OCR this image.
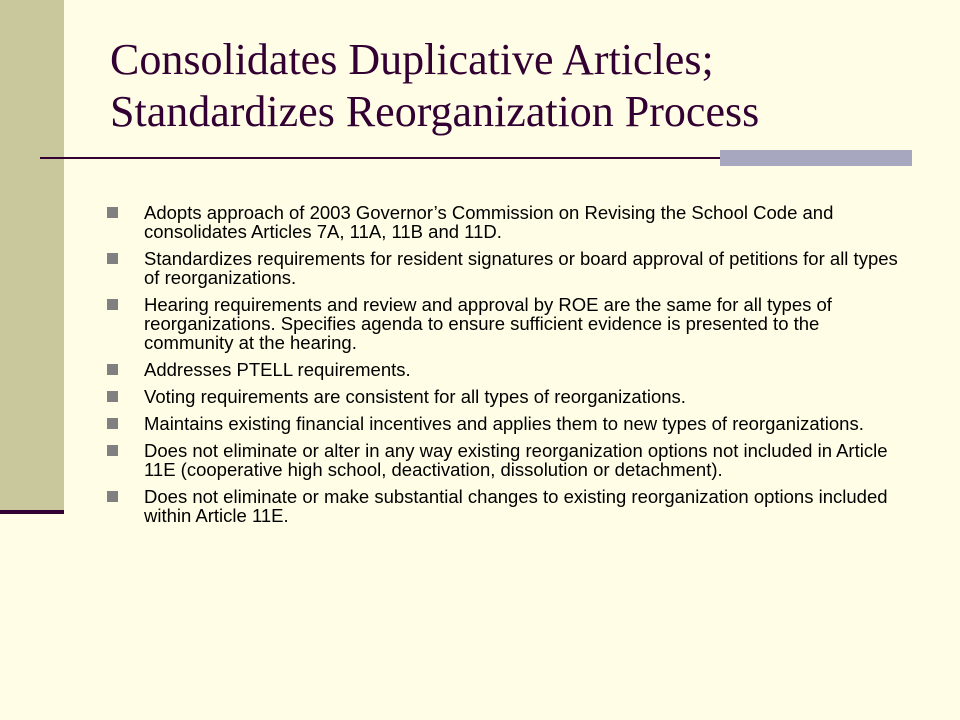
Consolidates Duplicative Articles;
Standardizes Reorganization Process
Adopts approach of 2003 Governor’s Commission on Revising the School Code and consolidates Articles 7A, 11A, 11B and 11D.
Standardizes requirements for resident signatures or board approval of petitions for all types of reorganizations.
Hearing requirements and review and approval by ROE are the same for all types of reorganizations. Specifies agenda to ensure sufficient evidence is presented to the community at the hearing.
Addresses PTELL requirements.
Voting requirements are consistent for all types of reorganizations.
Maintains existing financial incentives and applies them to new types of reorganizations.
Does not eliminate or alter in any way existing reorganization options not included in Article 11E (cooperative high school, deactivation, dissolution or detachment).
Does not eliminate or make substantial changes to existing reorganization options included within Article 11E.
